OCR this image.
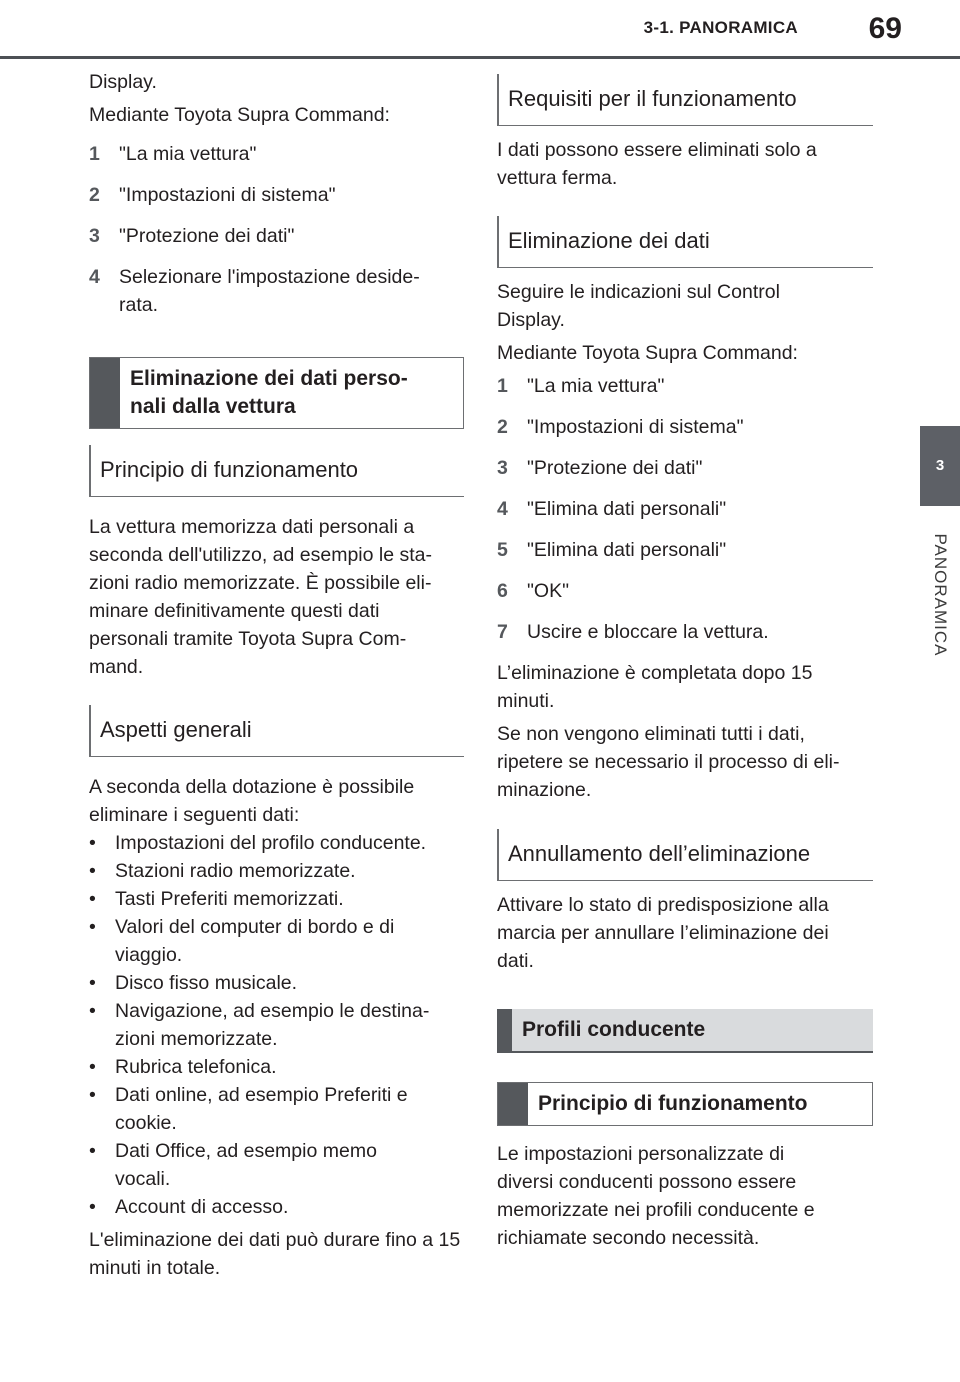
3-1. PANORAMICA 69
3
PANORAMICA

Display.

Mediante Toyota Supra Command:

1 "La mia vettura"
2 "Impostazioni di sistema"
3 "Protezione dei dati"
4 Selezionare l'impostazione deside-rata.
Eliminazione dei dati perso-nali dalla vettura
Principio di funzionamento

La vettura memorizza dati personali a seconda dell'utilizzo, ad esempio le sta-zioni radio memorizzate. È possibile eli-minare definitivamente questi dati personali tramite Toyota Supra Com-mand.

Aspetti generali

A seconda della dotazione è possibile eliminare i seguenti dati:

• Impostazioni del profilo conducente.
• Stazioni radio memorizzate.
• Tasti Preferiti memorizzati.
• Valori del computer di bordo e di viaggio.
• Disco fisso musicale.
• Navigazione, ad esempio le destina-zioni memorizzate.
• Rubrica telefonica.
• Dati online, ad esempio Preferiti e cookie.
• Dati Office, ad esempio memo vocali.
• Account di accesso.

L'eliminazione dei dati può durare fino a 15 minuti in totale.

Requisiti per il funzionamento

I dati possono essere eliminati solo a vettura ferma.

Eliminazione dei dati

Seguire le indicazioni sul Control Display.

Mediante Toyota Supra Command:

1 "La mia vettura"
2 "Impostazioni di sistema"
3 "Protezione dei dati"
4 "Elimina dati personali"
5 "Elimina dati personali"
6 "OK"
7 Uscire e bloccare la vettura.

L’eliminazione è completata dopo 15 minuti.

Se non vengono eliminati tutti i dati, ripetere se necessario il processo di eli-minazione.

Annullamento dell’eliminazione

Attivare lo stato di predisposizione alla marcia per annullare l’eliminazione dei dati.

Profili conducente
Principio di funzionamento

Le impostazioni personalizzate di diversi conducenti possono essere memorizzate nei profili conducente e richiamate secondo necessità.
